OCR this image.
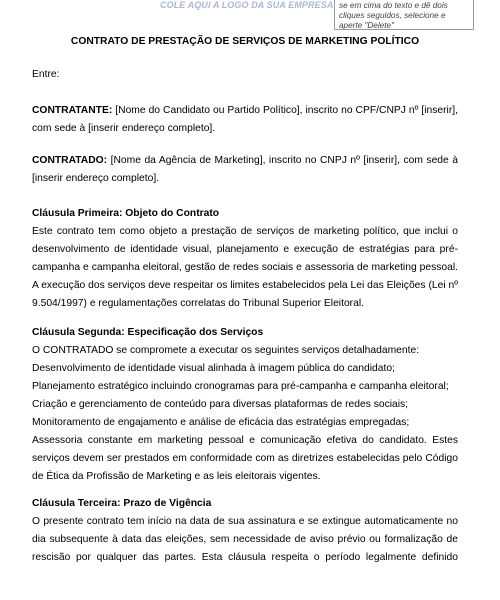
COLE AQUI A LOGO DA SUA EMPRESA se em cima do texto e dê dois cliques seguidos, selecione e aperte "Delete"
CONTRATO DE PRESTAÇÃO DE SERVIÇOS DE MARKETING POLÍTICO

Entre:

CONTRATANTE: [Nome do Candidato ou Partido Político], inscrito no CPF/CNPJ nº [inserir], com sede à [inserir endereço completo].

CONTRATADO: [Nome da Agência de Marketing], inscrito no CNPJ nº [inserir], com sede à [inserir endereço completo].

Cláusula Primeira: Objeto do Contrato

Este contrato tem como objeto a prestação de serviços de marketing político, que inclui o desenvolvimento de identidade visual, planejamento e execução de estratégias para pré-campanha e campanha eleitoral, gestão de redes sociais e assessoria de marketing pessoal. A execução dos serviços deve respeitar os limites estabelecidos pela Lei das Eleições (Lei nº 9.504/1997) e regulamentações correlatas do Tribunal Superior Eleitoral.

Cláusula Segunda: Especificação dos Serviços

O CONTRATADO se compromete a executar os seguintes serviços detalhadamente:

Desenvolvimento de identidade visual alinhada à imagem pública do candidato;

Planejamento estratégico incluindo cronogramas para pré-campanha e campanha eleitoral;

Criação e gerenciamento de conteúdo para diversas plataformas de redes sociais;

Monitoramento de engajamento e análise de eficácia das estratégias empregadas;

Assessoria constante em marketing pessoal e comunicação efetiva do candidato. Estes serviços devem ser prestados em conformidade com as diretrizes estabelecidas pelo Código de Ética da Profissão de Marketing e as leis eleitorais vigentes.

Cláusula Terceira: Prazo de Vigência

O presente contrato tem início na data de sua assinatura e se extingue automaticamente no dia subsequente à data das eleições, sem necessidade de aviso prévio ou formalização de rescisão por qualquer das partes. Esta cláusula respeita o período legalmente definido
